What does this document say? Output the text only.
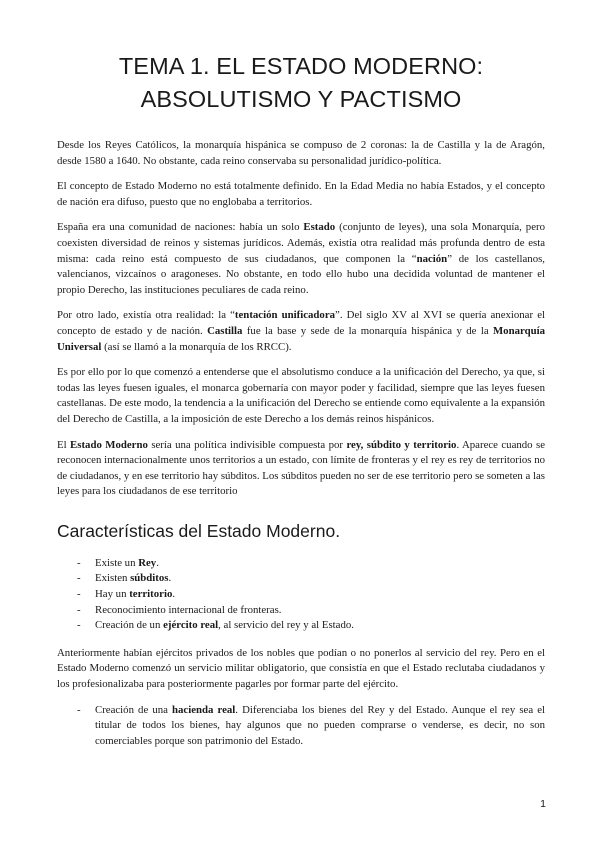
TEMA 1. EL ESTADO MODERNO:
ABSOLUTISMO Y PACTISMO

Desde los Reyes Católicos, la monarquía hispánica se compuso de 2 coronas: la de Castilla y la de Aragón, desde 1580 a 1640. No obstante, cada reino conservaba su personalidad jurídico-política.

El concepto de Estado Moderno no está totalmente definido. En la Edad Media no había Estados, y el concepto de nación era difuso, puesto que no englobaba a territorios.

España era una comunidad de naciones: había un solo Estado (conjunto de leyes), una sola Monarquía, pero coexisten diversidad de reinos y sistemas jurídicos. Además, existía otra realidad más profunda dentro de esta misma: cada reino está compuesto de sus ciudadanos, que componen la “nación” de los castellanos, valencianos, vizcaínos o aragoneses. No obstante, en todo ello hubo una decidida voluntad de mantener el propio Derecho, las instituciones peculiares de cada reino.

Por otro lado, existía otra realidad: la “tentación unificadora”. Del siglo XV al XVI se quería anexionar el concepto de estado y de nación. Castilla fue la base y sede de la monarquía hispánica y de la Monarquía Universal (así se llamó a la monarquía de los RRCC).

Es por ello por lo que comenzó a entenderse que el absolutismo conduce a la unificación del Derecho, ya que, si todas las leyes fuesen iguales, el monarca gobernaría con mayor poder y facilidad, siempre que las leyes fuesen castellanas. De este modo, la tendencia a la unificación del Derecho se entiende como equivalente a la expansión del Derecho de Castilla, a la imposición de este Derecho a los demás reinos hispánicos.

El Estado Moderno sería una política indivisible compuesta por rey, súbdito y territorio. Aparece cuando se reconocen internacionalmente unos territorios a un estado, con límite de fronteras y el rey es rey de territorios no de ciudadanos, y en ese territorio hay súbditos. Los súbditos pueden no ser de ese territorio pero se someten a las leyes para los ciudadanos de ese territorio

Características del Estado Moderno.
- Existe un Rey.
- Existen súbditos.
- Hay un territorio.
- Reconocimiento internacional de fronteras.
- Creación de un ejército real, al servicio del rey y al Estado.

Anteriormente habían ejércitos privados de los nobles que podían o no ponerlos al servicio del rey. Pero en el Estado Moderno comenzó un servicio militar obligatorio, que consistía en que el Estado reclutaba ciudadanos y los profesionalizaba para posteriormente pagarles por formar parte del ejército.

- Creación de una hacienda real. Diferenciaba los bienes del Rey y del Estado. Aunque el rey sea el titular de todos los bienes, hay algunos que no pueden comprarse o venderse, es decir, no son comerciables porque son patrimonio del Estado.
1
